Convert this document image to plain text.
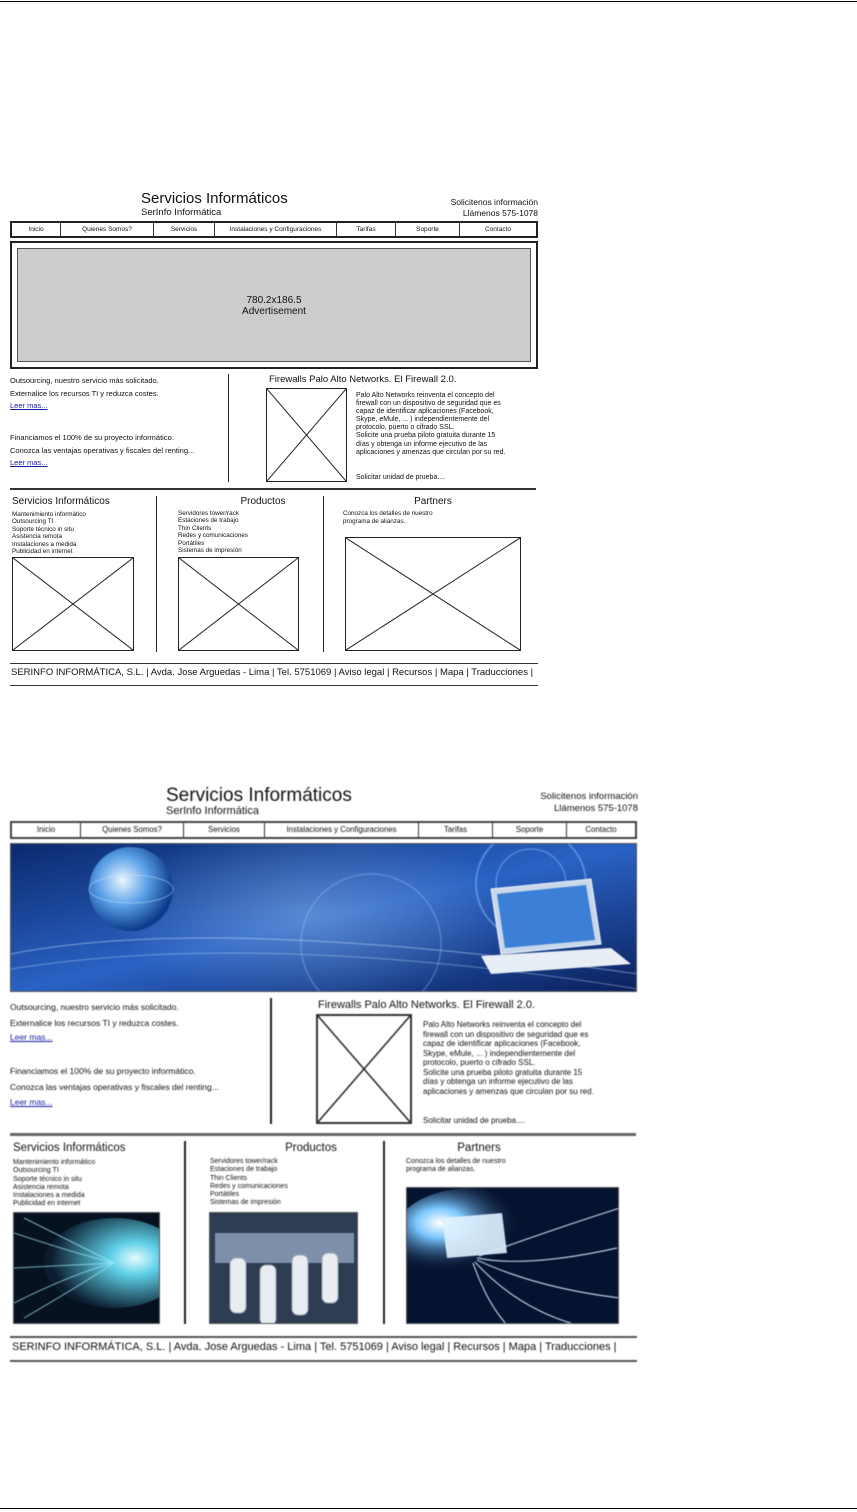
Servicios Informáticos
SerInfo Informática
Solicitenos información
Llámenos 575-1078
Inicio	Quienes Somos?	Servicios	Instalaciones y Configuraciones	Tarifas	Soporte	Contacto
780.2x186.5
Advertisement
Outsourcing, nuestro servicio más solicitado.
Externalice los recursos TI y reduzca costes.
Leer mas...
Financiamos el 100% de su proyecto informático.
Conozca las ventajas operativas y fiscales del renting...
Leer mas...
Firewalls Palo Alto Networks. El Firewall 2.0.
Palo Alto Networks reinventa el concepto del
firewall con un dispositivo de seguridad que es
capaz de identificar aplicaciones (Facebook,
Skype, eMule, ... ) independientemente del
protocolo, puerto o cifrado SSL.
Solicite una prueba piloto gratuita durante 15
días y obtenga un informe ejecutivo de las
aplicaciones y amenzas que circulan por su red.
Solicitar unidad de prueba....
Servicios Informáticos
Mantenimiento informático
Outsourcing TI
Soporte técnico in situ
Asistencia remota
Instalaciones a medida
Publicidad en internet
Productos
Servidores tower/rack
Estaciones de trabajo
Thin Clients
Redes y comunicaciones
Portátiles
Sistemas de impresión
Partners
Conozca los detalles de nuestro
programa de alianzas.
SERINFO INFORMÁTICA, S.L. | Avda. Jose Arguedas - Lima | Tel. 5751069 | Aviso legal | Recursos | Mapa | Traducciones |
Servicios Informáticos
SerInfo Informática
Solicitenos información
Llámenos 575-1078
Inicio	Quienes Somos?	Servicios	Instalaciones y Configuraciones	Tarifas	Soporte	Contacto
Outsourcing, nuestro servicio más solicitado.
Externalice los recursos TI y reduzca costes.
Leer mas...
Financiamos el 100% de su proyecto informático.
Conozca las ventajas operativas y fiscales del renting...
Leer mas...
Firewalls Palo Alto Networks. El Firewall 2.0.
Palo Alto Networks reinventa el concepto del
firewall con un dispositivo de seguridad que es
capaz de identificar aplicaciones (Facebook,
Skype, eMule, ... ) independientemente del
protocolo, puerto o cifrado SSL.
Solicite una prueba piloto gratuita durante 15
días y obtenga un informe ejecutivo de las
aplicaciones y amenzas que circulan por su red.
Solicitar unidad de prueba....
Servicios Informáticos
Mantenimiento informático
Outsourcing TI
Soporte técnico in situ
Asistencia remota
Instalaciones a medida
Publicidad en internet
Productos
Servidores tower/rack
Estaciones de trabajo
Thin Clients
Redes y comunicaciones
Portátiles
Sistemas de impresión
Partners
Conozca los detalles de nuestro
programa de alianzas.
SERINFO INFORMÁTICA, S.L. | Avda. Jose Arguedas - Lima | Tel. 5751069 | Aviso legal | Recursos | Mapa | Traducciones |
